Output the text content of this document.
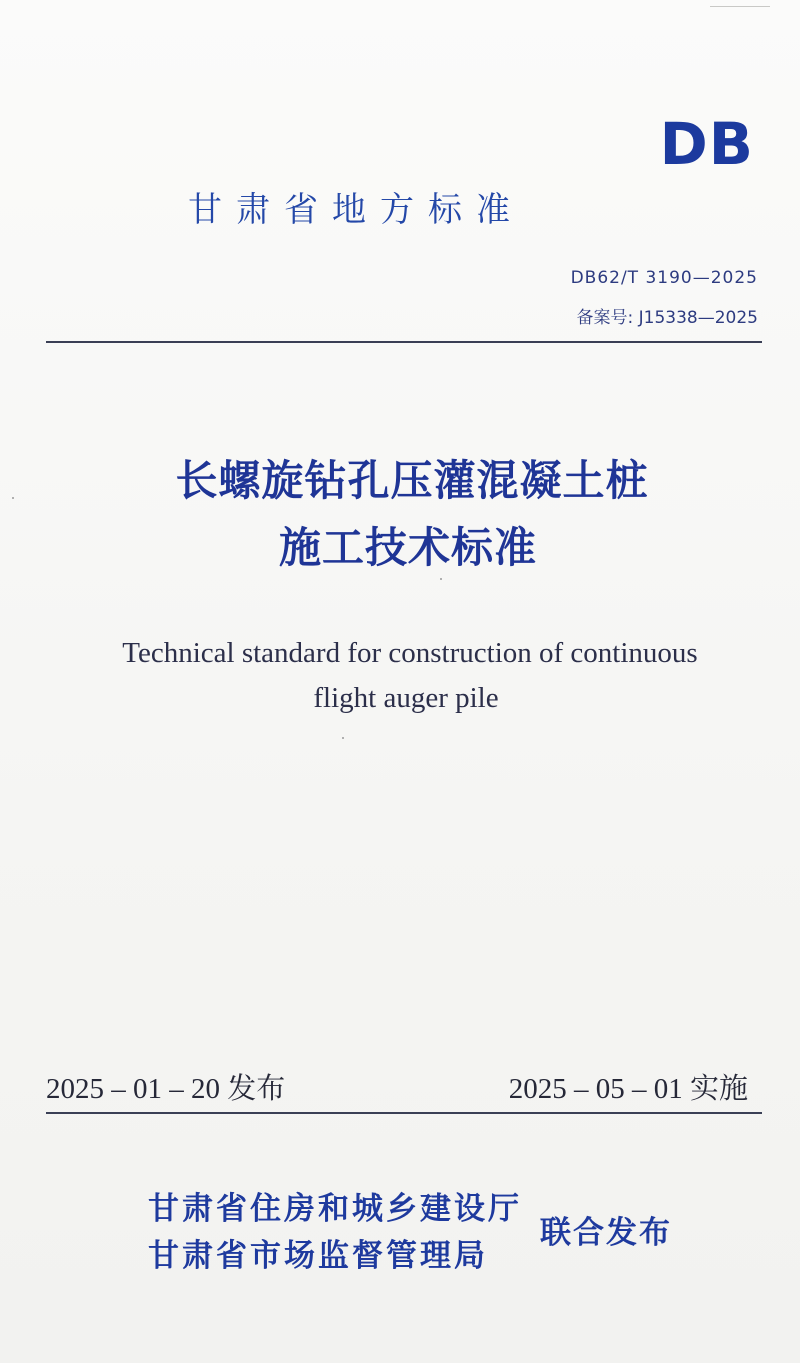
DB
甘肃省地方标准
DB62/T 3190—2025
备案号: J15338—2025
长螺旋钻孔压灌混凝土桩
施工技术标准
Technical standard for construction of continuous
flight auger pile
2025 – 01 – 20 发布	2025 – 05 – 01 实施
甘肃省住房和城乡建设厅
甘肃省市场监督管理局
联合发布
